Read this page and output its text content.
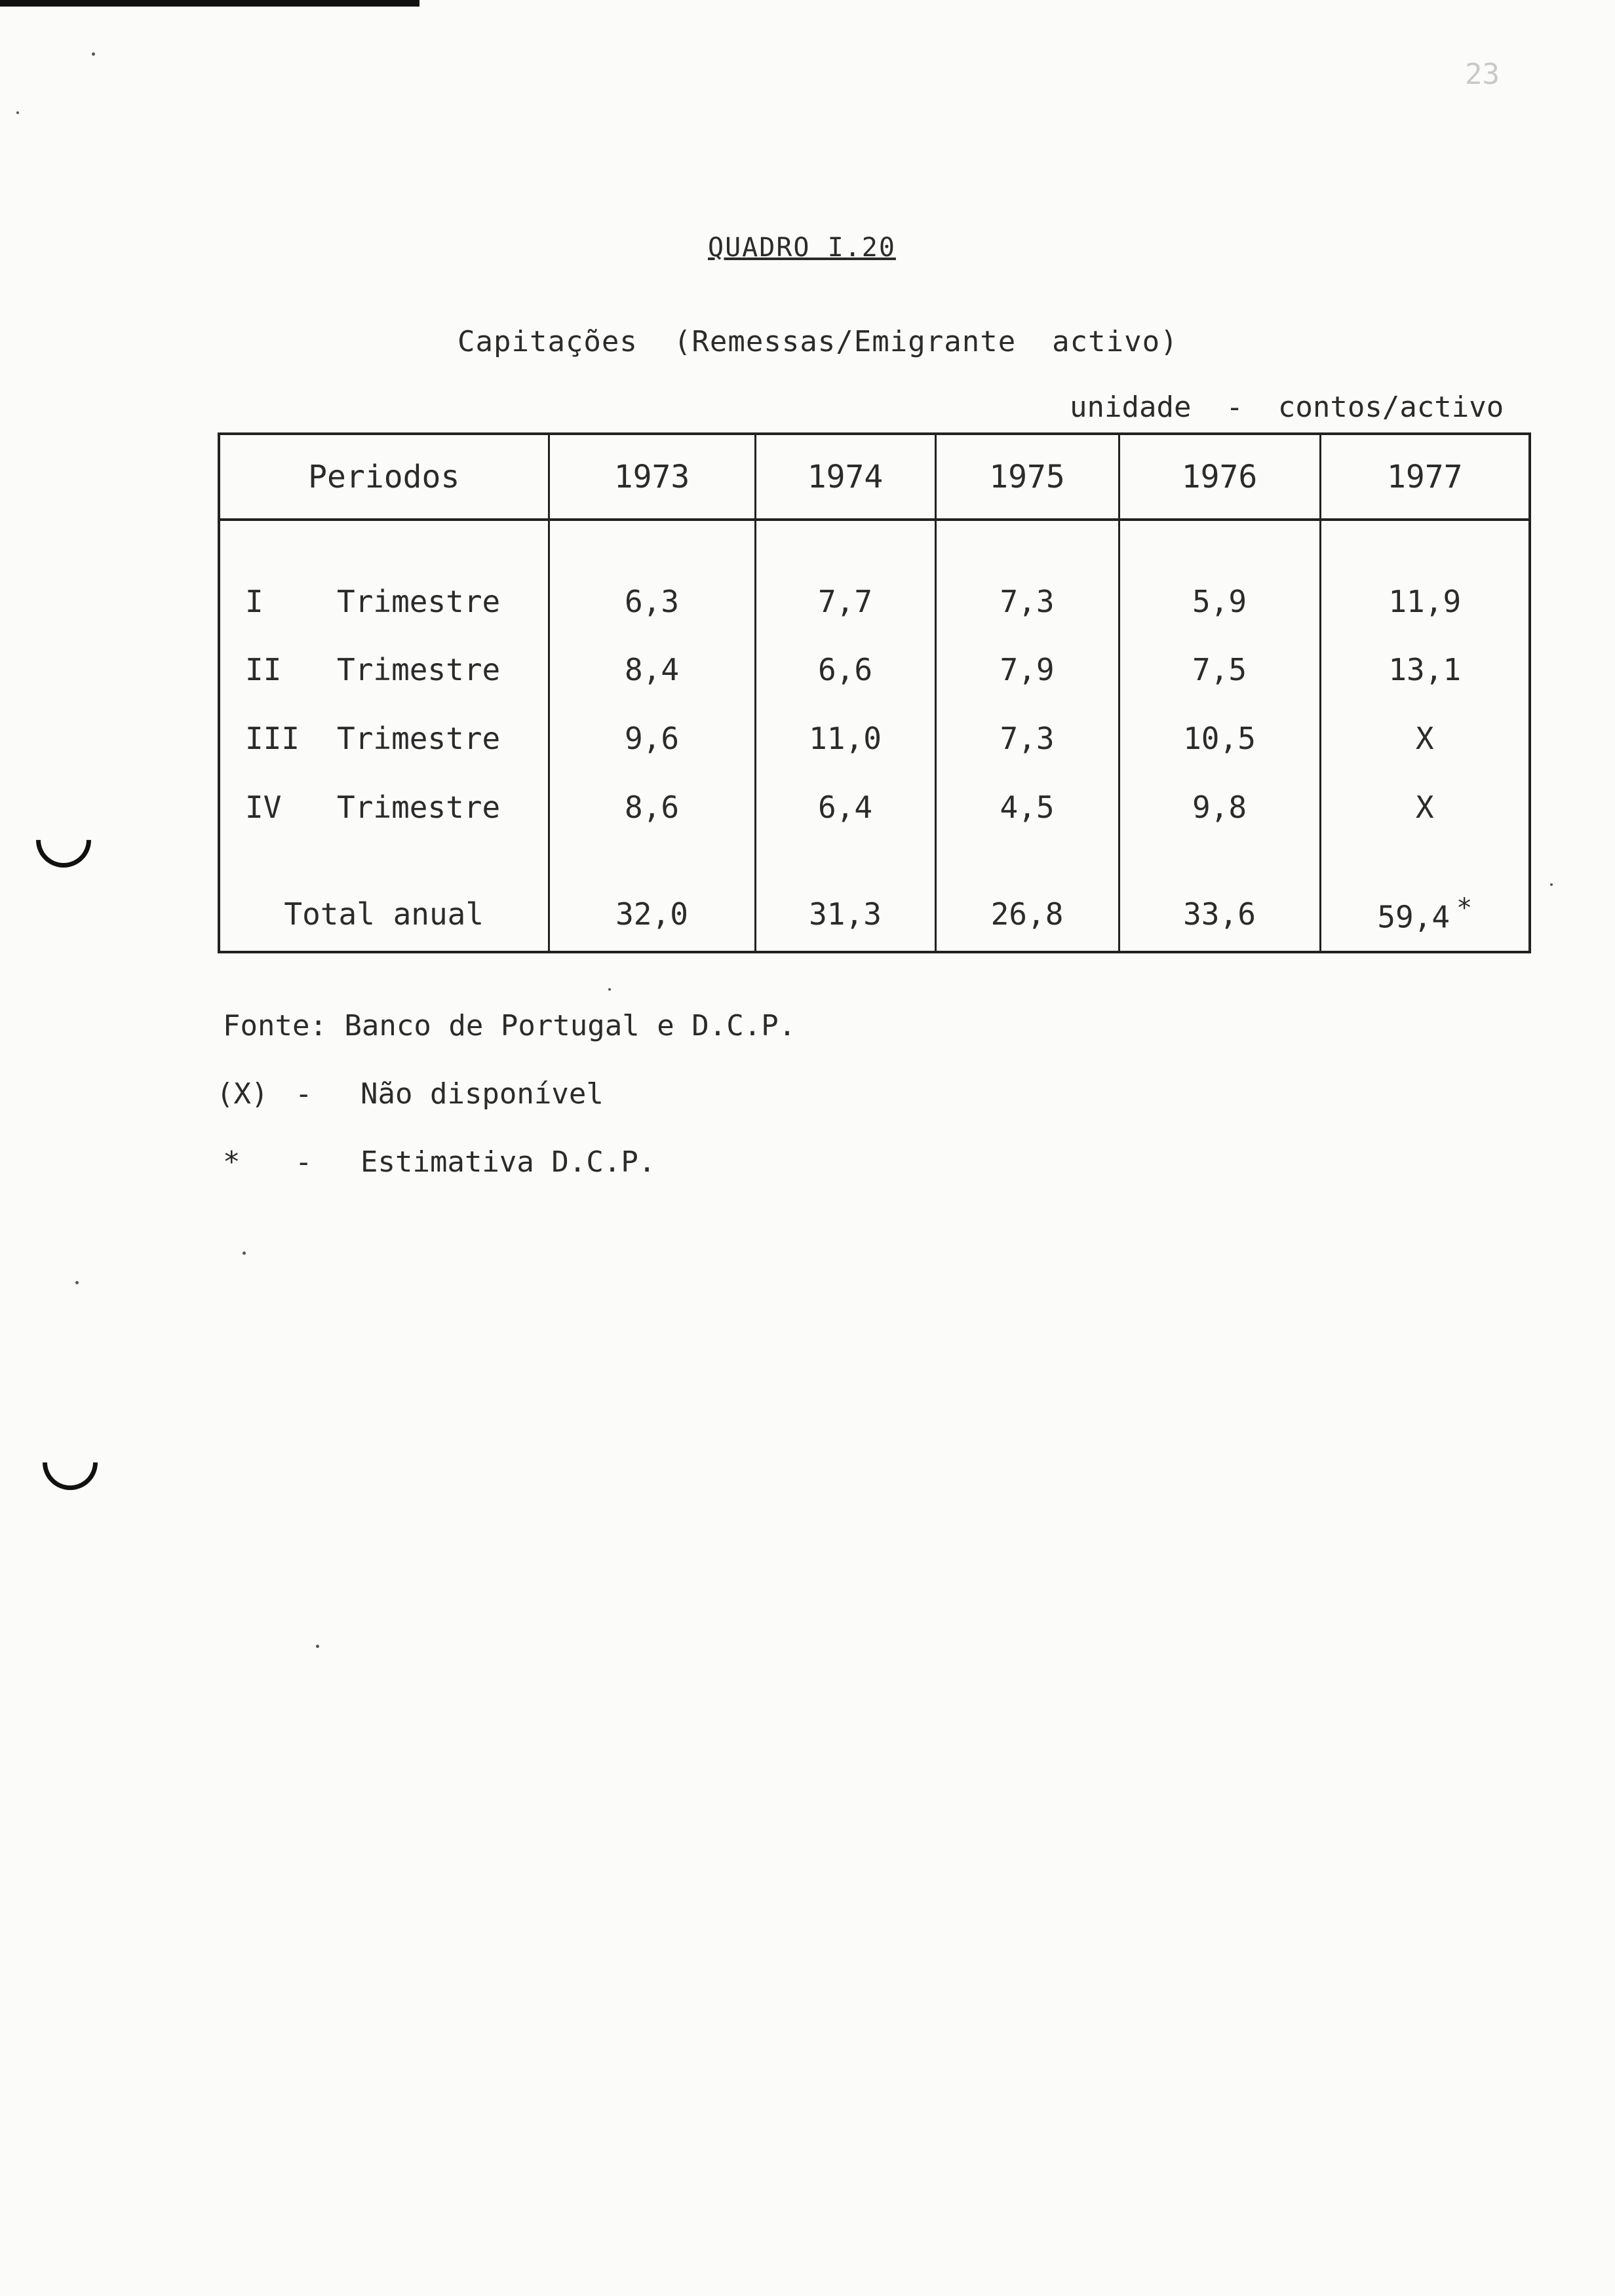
23
QUADRO I.20
Capitações  (Remessas/Emigrante  activo)
unidade  -  contos/activo
Periodos	1973	1974	1975	1976	1977

I Trimestre	6,3	7,7	7,3	5,9	11,9
II Trimestre	8,4	6,6	7,9	7,5	13,1
III Trimestre	9,6	11,0	7,3	10,5	X
IV Trimestre	8,6	6,4	4,5	9,8	X

Total anual	32,0	31,3	26,8	33,6	59,4 *
Fonte: Banco de Portugal e D.C.P.
(X) -	Não disponível
*	-	Estimativa D.C.P.
